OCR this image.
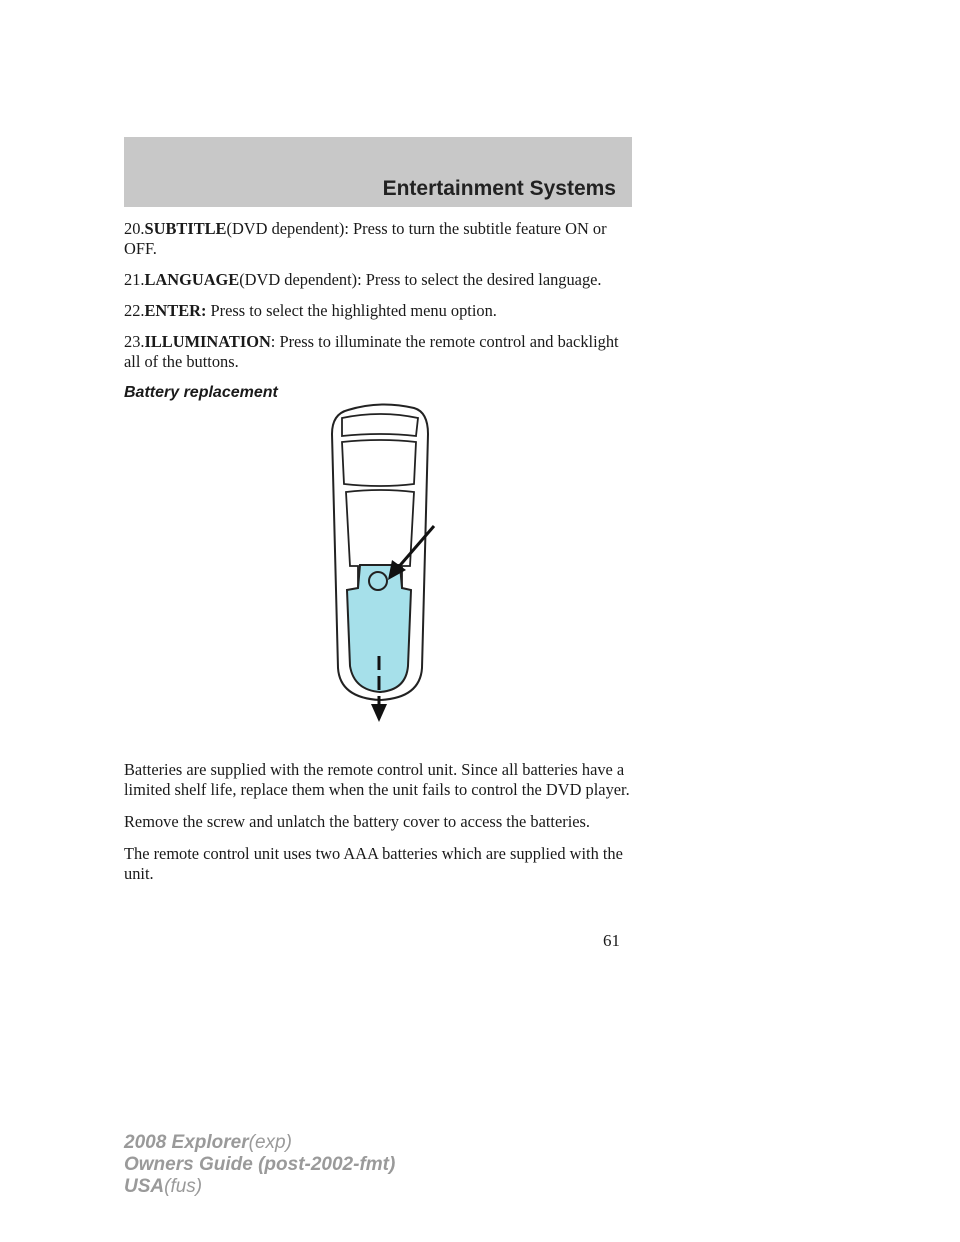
Entertainment Systems

20.SUBTITLE(DVD dependent): Press to turn the subtitle feature ON or OFF.

21.LANGUAGE(DVD dependent): Press to select the desired language.

22.ENTER: Press to select the highlighted menu option.

23.ILLUMINATION: Press to illuminate the remote control and backlight all of the buttons.

Battery replacement

Batteries are supplied with the remote control unit. Since all batteries have a limited shelf life, replace them when the unit fails to control the DVD player.

Remove the screw and unlatch the battery cover to access the batteries.

The remote control unit uses two AAA batteries which are supplied with the unit.

61
2008 Explorer(exp)
Owners Guide (post-2002-fmt)
USA(fus)
